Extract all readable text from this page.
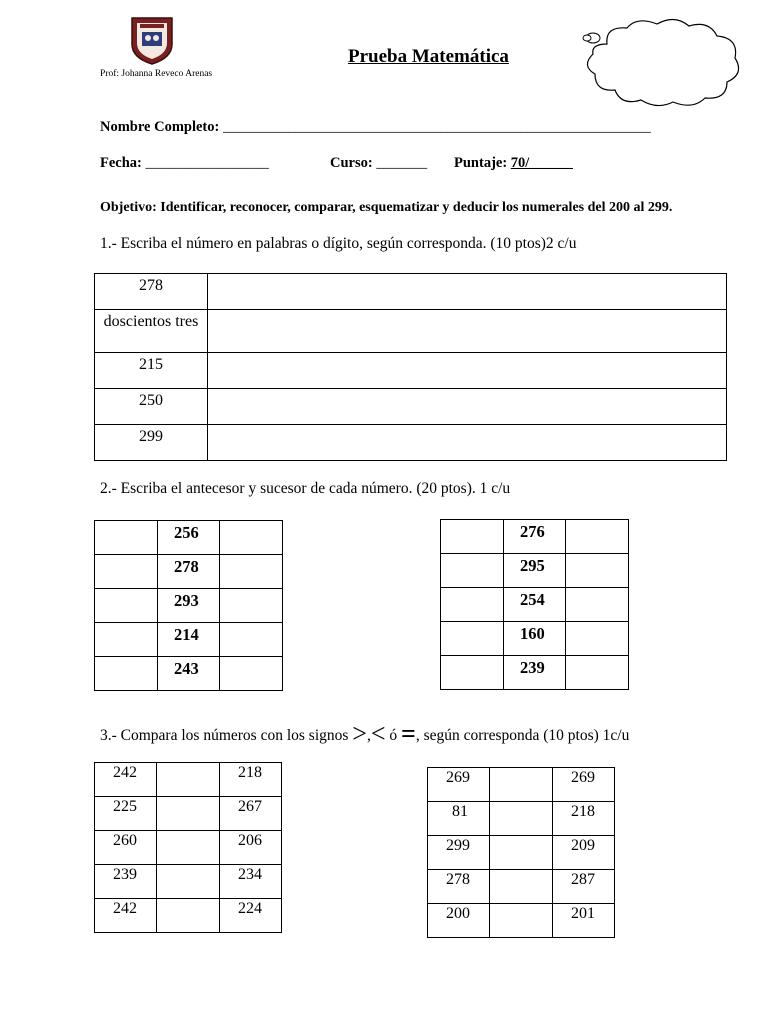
Prof: Johanna Reveco Arenas
Prueba Matemática
Nombre Completo: ___________________________________________________________
Fecha: _________________	Curso: _______ Puntaje: 70/______
Objetivo: Identificar, reconocer, comparar, esquematizar y deducir los numerales del 200 al 299.
1.- Escriba el número en palabras o dígito, según corresponda. (10 ptos)2 c/u
278	
doscientos tres	
215	
250	
299	
2.- Escriba el antecesor y sucesor de cada número. (20 ptos). 1 c/u
	256	
	278	
	293	
	214	
	243	
	276	
	295	
	254	
	160	
	239	
3.- Compara los números con los signos >,< ó =, según corresponda (10 ptos) 1c/u
242		218
225		267
260		206
239		234
242		224
269		269
81		218
299		209
278		287
200		201
